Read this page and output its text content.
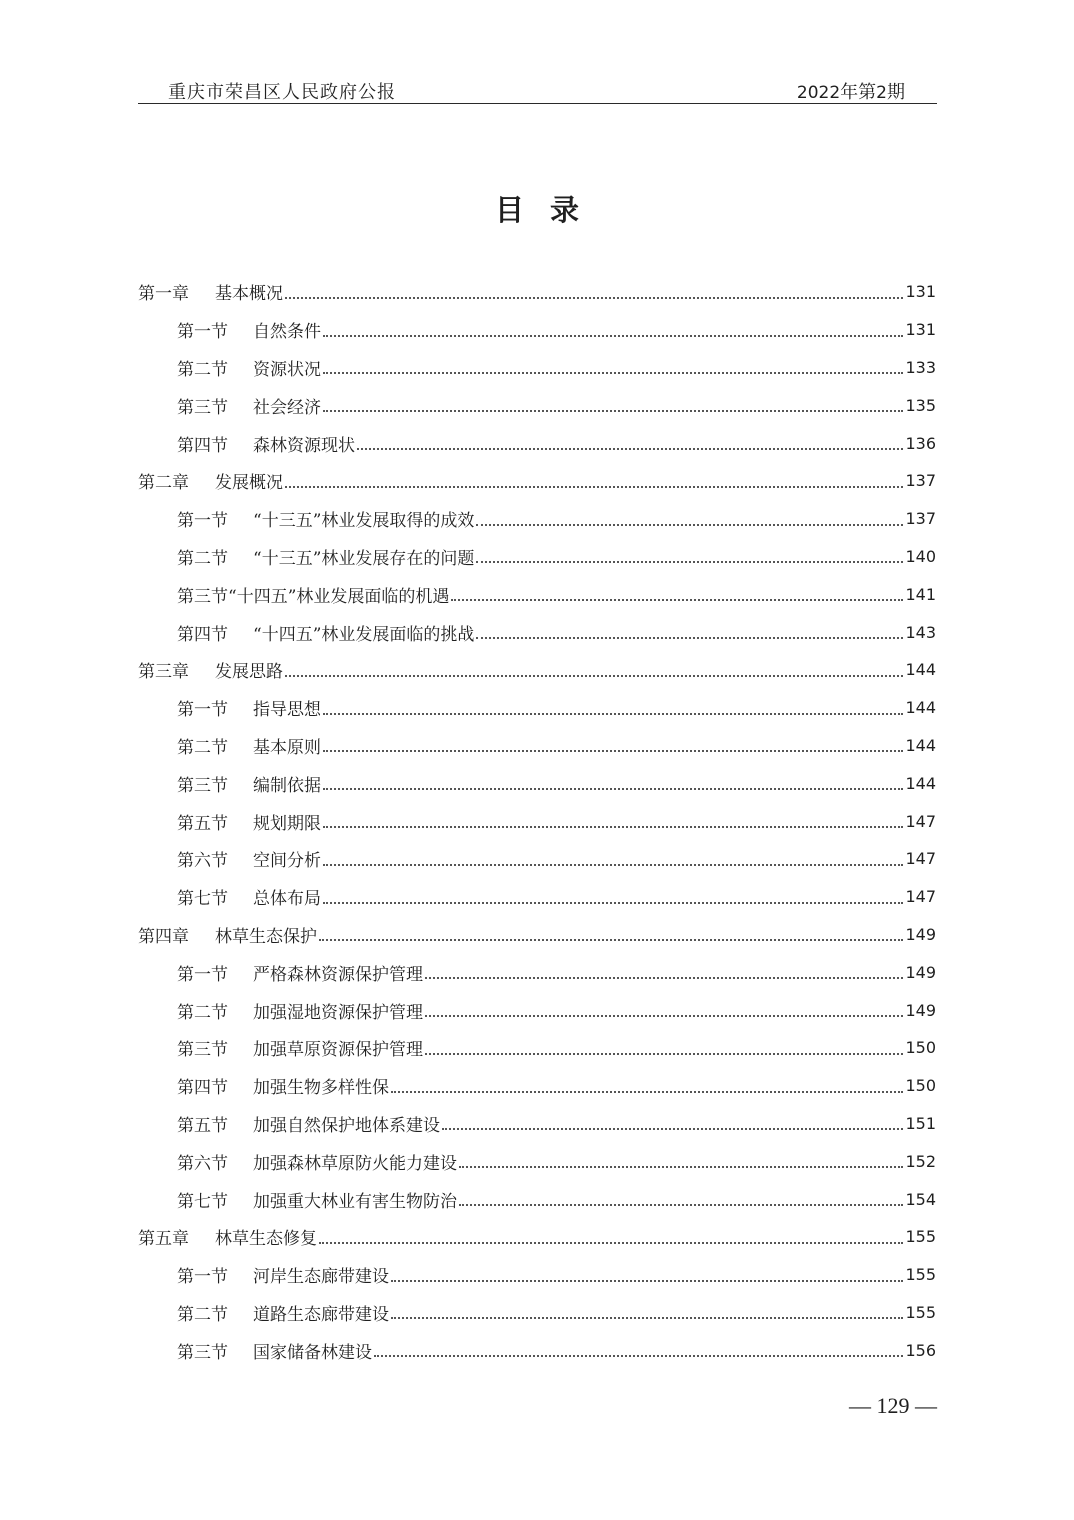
重庆市荣昌区人民政府公报	2022年第2期
目录
第一章 基本概况	131
第一节 自然条件	131
第二节 资源状况	133
第三节 社会经济	135
第四节 森林资源现状	136
第二章 发展概况	137
第一节 “十三五”林业发展取得的成效	137
第二节 “十三五”林业发展存在的问题	140
第三节“十四五”林业发展面临的机遇	141
第四节 “十四五”林业发展面临的挑战	143
第三章 发展思路	144
第一节 指导思想	144
第二节 基本原则	144
第三节 编制依据	144
第五节 规划期限	147
第六节 空间分析	147
第七节 总体布局	147
第四章 林草生态保护	149
第一节 严格森林资源保护管理	149
第二节 加强湿地资源保护管理	149
第三节 加强草原资源保护管理	150
第四节 加强生物多样性保	150
第五节 加强自然保护地体系建设	151
第六节 加强森林草原防火能力建设	152
第七节 加强重大林业有害生物防治	154
第五章 林草生态修复	155
第一节 河岸生态廊带建设	155
第二节 道路生态廊带建设	155
第三节 国家储备林建设	156
— 129 —
